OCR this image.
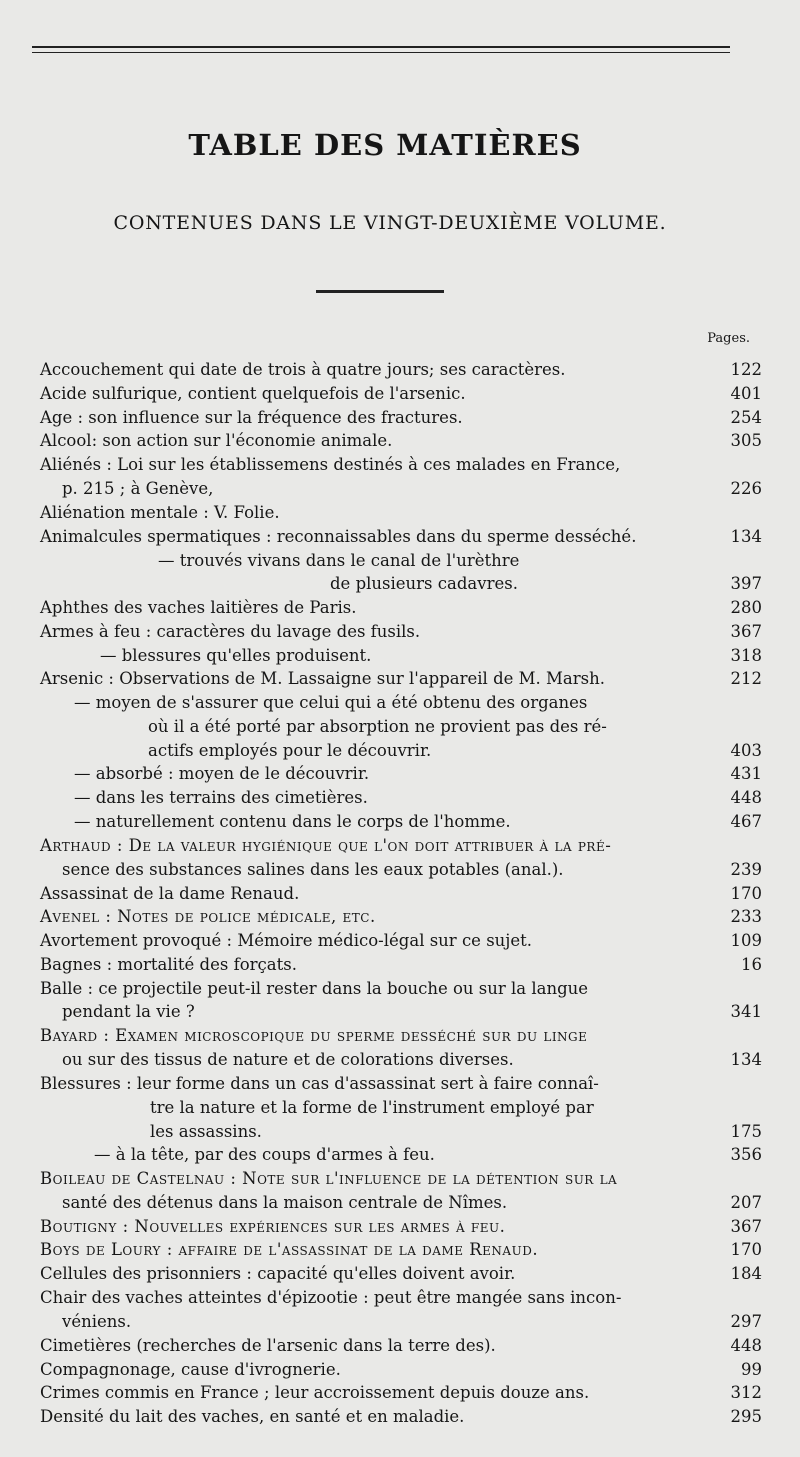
TABLE DES MATIÈRES
CONTENUES DANS LE VINGT-DEUXIÈME VOLUME.
Pages.
Accouchement qui date de trois à quatre jours; ses caractères.	122
Acide sulfurique, contient quelquefois de l'arsenic.	401
Age : son influence sur la fréquence des fractures.	254
Alcool: son action sur l'économie animale.	305
Aliénés : Loi sur les établissemens destinés à ces malades en France,
p. 215 ; à Genève,	226
Aliénation mentale : V. Folie.
Animalcules spermatiques : reconnaissables dans du sperme desséché.	134
— trouvés vivans dans le canal de l'urèthre
de plusieurs cadavres.	397
Aphthes des vaches laitières de Paris.	280
Armes à feu : caractères du lavage des fusils.	367
— blessures qu'elles produisent.	318
Arsenic : Observations de M. Lassaigne sur l'appareil de M. Marsh.	212
— moyen de s'assurer que celui qui a été obtenu des organes
où il a été porté par absorption ne provient pas des ré-
actifs employés pour le découvrir.	403
— absorbé : moyen de le découvrir.	431
— dans les terrains des cimetières.	448
— naturellement contenu dans le corps de l'homme.	467
Arthaud : De la valeur hygiénique que l'on doit attribuer à la pré-
sence des substances salines dans les eaux potables (anal.).	239
Assassinat de la dame Renaud.	170
Avenel : Notes de police médicale, etc.	233
Avortement provoqué : Mémoire médico-légal sur ce sujet.	109
Bagnes : mortalité des forçats.	16
Balle : ce projectile peut-il rester dans la bouche ou sur la langue
pendant la vie ?	341
Bayard : Examen microscopique du sperme desséché sur du linge
ou sur des tissus de nature et de colorations diverses.	134
Blessures : leur forme dans un cas d'assassinat sert à faire connaî-
tre la nature et la forme de l'instrument employé par
les assassins.	175
— à la tête, par des coups d'armes à feu.	356
Boileau de Castelnau : Note sur l'influence de la détention sur la
santé des détenus dans la maison centrale de Nîmes.	207
Boutigny : Nouvelles expériences sur les armes à feu.	367
Boys de Loury : affaire de l'assassinat de la dame Renaud.	170
Cellules des prisonniers : capacité qu'elles doivent avoir.	184
Chair des vaches atteintes d'épizootie : peut être mangée sans incon-
véniens.	297
Cimetières (recherches de l'arsenic dans la terre des).	448
Compagnonage, cause d'ivrognerie.	99
Crimes commis en France ; leur accroissement depuis douze ans.	312
Densité du lait des vaches, en santé et en maladie.	295
